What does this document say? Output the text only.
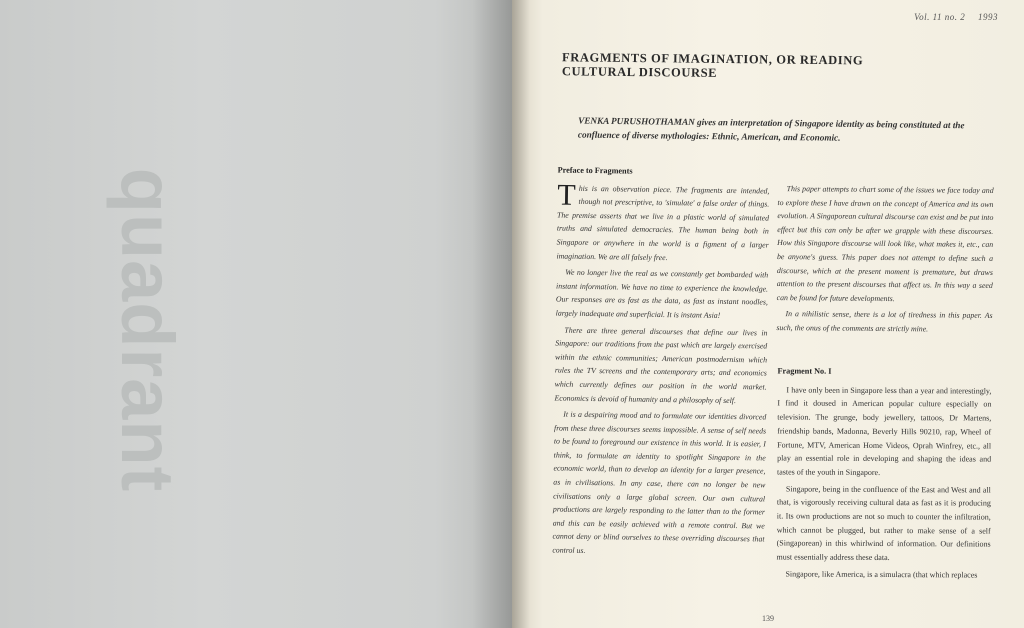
quadrant
Vol. 11 no. 2 1993
FRAGMENTS OF IMAGINATION, OR READING CULTURAL DISCOURSE
VENKA PURUSHOTHAMAN gives an interpretation of Singapore identity as being constituted at the confluence of diverse mythologies: Ethnic, American, and Economic.
Preface to Fragments

This is an observation piece. The fragments are intended, though not prescriptive, to 'simulate' a false order of things. The premise asserts that we live in a plastic world of simulated truths and simulated democracies. The human being both in Singapore or anywhere in the world is a figment of a larger imagination. We are all falsely free.

We no longer live the real as we constantly get bombarded with instant information. We have no time to experience the knowledge. Our responses are as fast as the data, as fast as instant noodles, largely inadequate and superficial. It is instant Asia!

There are three general discourses that define our lives in Singapore: our traditions from the past which are largely exercised within the ethnic communities; American postmodernism which rules the TV screens and the contemporary arts; and economics which currently defines our position in the world market. Economics is devoid of humanity and a philosophy of self.

It is a despairing mood and to formulate our identities divorced from these three discourses seems impossible. A sense of self needs to be found to foreground our existence in this world. It is easier, I think, to formulate an identity to spotlight Singapore in the economic world, than to develop an identity for a larger presence, as in civilisations. In any case, there can no longer be new civilisations only a large global screen. Our own cultural productions are largely responding to the latter than to the former and this can be easily achieved with a remote control. But we cannot deny or blind ourselves to these overriding discourses that control us.

This paper attempts to chart some of the issues we face today and to explore these I have drawn on the concept of America and its own evolution. A Singaporean cultural discourse can exist and be put into effect but this can only be after we grapple with these discourses. How this Singapore discourse will look like, what makes it, etc., can be anyone's guess. This paper does not attempt to define such a discourse, which at the present moment is premature, but draws attention to the present discourses that affect us. In this way a seed can be found for future developments.

In a nihilistic sense, there is a lot of tiredness in this paper. As such, the onus of the comments are strictly mine.

Fragment No. I

I have only been in Singapore less than a year and interestingly, I find it doused in American popular culture especially on television. The grunge, body jewellery, tattoos, Dr Martens, friendship bands, Madonna, Beverly Hills 90210, rap, Wheel of Fortune, MTV, American Home Videos, Oprah Winfrey, etc., all play an essential role in developing and shaping the ideas and tastes of the youth in Singapore.

Singapore, being in the confluence of the East and West and all that, is vigorously receiving cultural data as fast as it is producing it. Its own productions are not so much to counter the infiltration, which cannot be plugged, but rather to make sense of a self (Singaporean) in this whirlwind of information. Our definitions must essentially address these data.

Singapore, like America, is a simulacra (that which replaces

139
